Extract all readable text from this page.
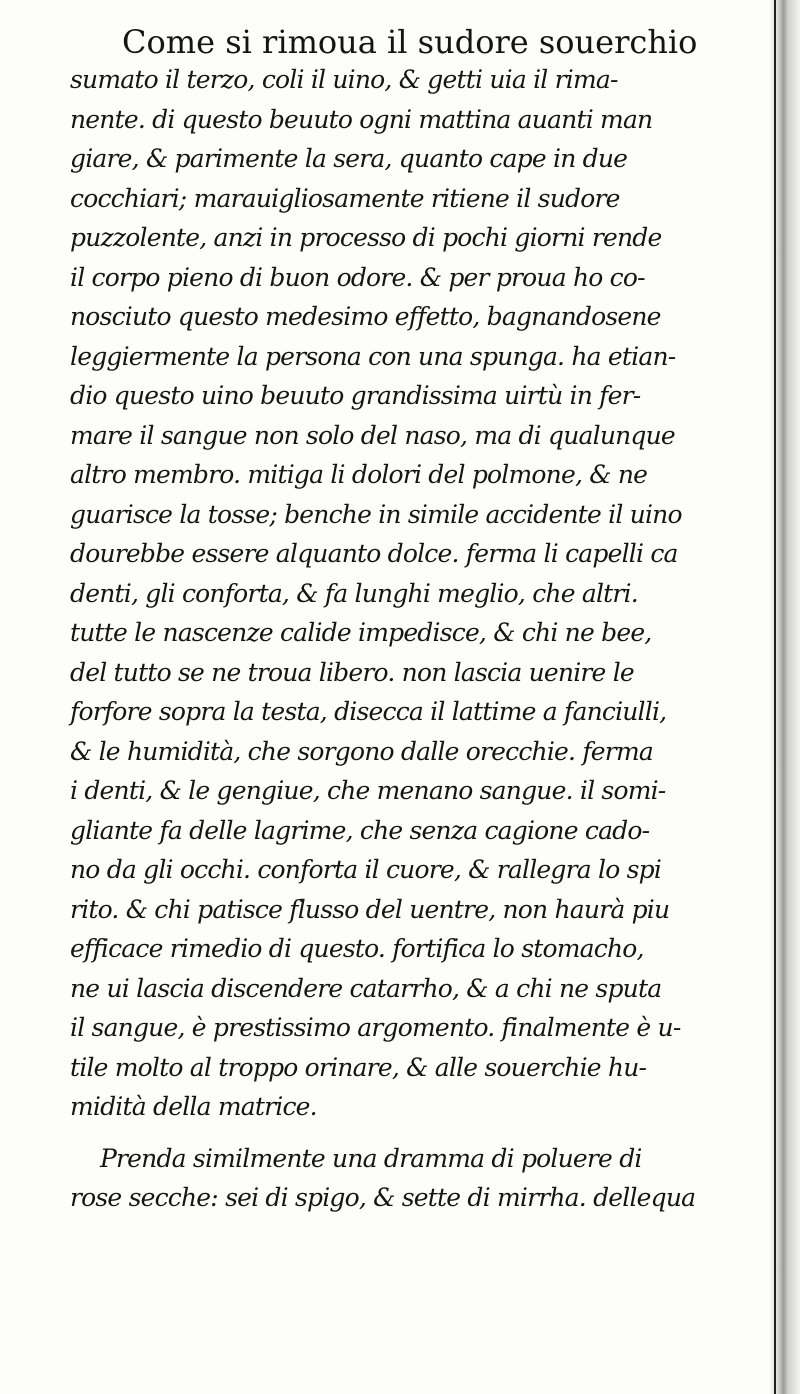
Come si rimoua il sudore souerchio
sumato il terzo, coli il uino, & getti uia il rima-
nente. di questo beuuto ogni mattina auanti man
giare, & parimente la sera, quanto cape in due
cocchiari; marauigliosamente ritiene il sudore
puzzolente, anzi in processo di pochi giorni rende
il corpo pieno di buon odore. & per proua ho co-
nosciuto questo medesimo effetto, bagnandosene
leggiermente la persona con una spunga. ha etian-
dio questo uino beuuto grandissima uirtù in fer-
mare il sangue non solo del naso, ma di qualunque
altro membro. mitiga li dolori del polmone, & ne
guarisce la tosse; benche in simile accidente il uino
dourebbe essere alquanto dolce. ferma li capelli ca
denti, gli conforta, & fa lunghi meglio, che altri.
tutte le nascenze calide impedisce, & chi ne bee,
del tutto se ne troua libero. non lascia uenire le
forfore sopra la testa, disecca il lattime a fanciulli,
& le humidità, che sorgono dalle orecchie. ferma
i denti, & le gengiue, che menano sangue. il somi-
gliante fa delle lagrime, che senza cagione cado-
no da gli occhi. conforta il cuore, & rallegra lo spi
rito. & chi patisce flusso del uentre, non haurà piu
efficace rimedio di questo. fortifica lo stomacho,
ne ui lascia discendere catarrho, & a chi ne sputa
il sangue, è prestissimo argomento. finalmente è u-
tile molto al troppo orinare, & alle souerchie hu-
midità della matrice.
Prenda similmente una dramma di poluere di
rose secche: sei di spigo, & sette di mirrha. dellequa
